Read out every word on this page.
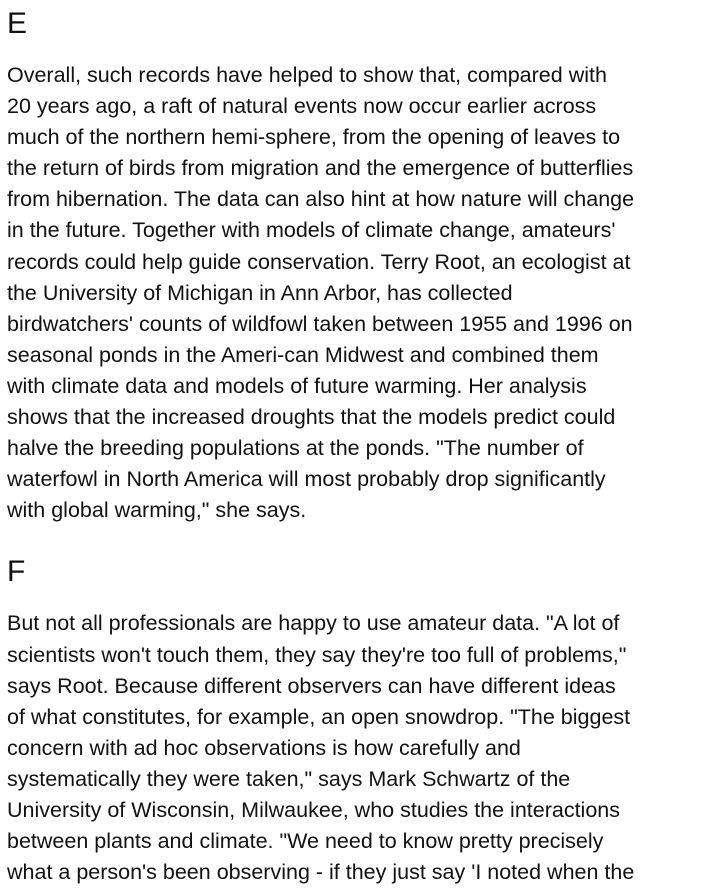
E

Overall, such records have helped to show that, compared with
20 years ago, a raft of natural events now occur earlier across
much of the northern hemi-sphere, from the opening of leaves to
the return of birds from migration and the emergence of butterflies
from hibernation. The data can also hint at how nature will change
in the future. Together with models of climate change, amateurs'
records could help guide conservation. Terry Root, an ecologist at
the University of Michigan in Ann Arbor, has collected
birdwatchers' counts of wildfowl taken between 1955 and 1996 on
seasonal ponds in the Ameri-can Midwest and combined them
with climate data and models of future warming. Her analysis
shows that the increased droughts that the models predict could
halve the breeding populations at the ponds. "The number of
waterfowl in North America will most probably drop significantly
with global warming," she says.

F

But not all professionals are happy to use amateur data. "A lot of
scientists won't touch them, they say they're too full of problems,"
says Root. Because different observers can have different ideas
of what constitutes, for example, an open snowdrop. "The biggest
concern with ad hoc observations is how carefully and
systematically they were taken," says Mark Schwartz of the
University of Wisconsin, Milwaukee, who studies the interactions
between plants and climate. "We need to know pretty precisely
what a person's been observing - if they just say 'I noted when the
